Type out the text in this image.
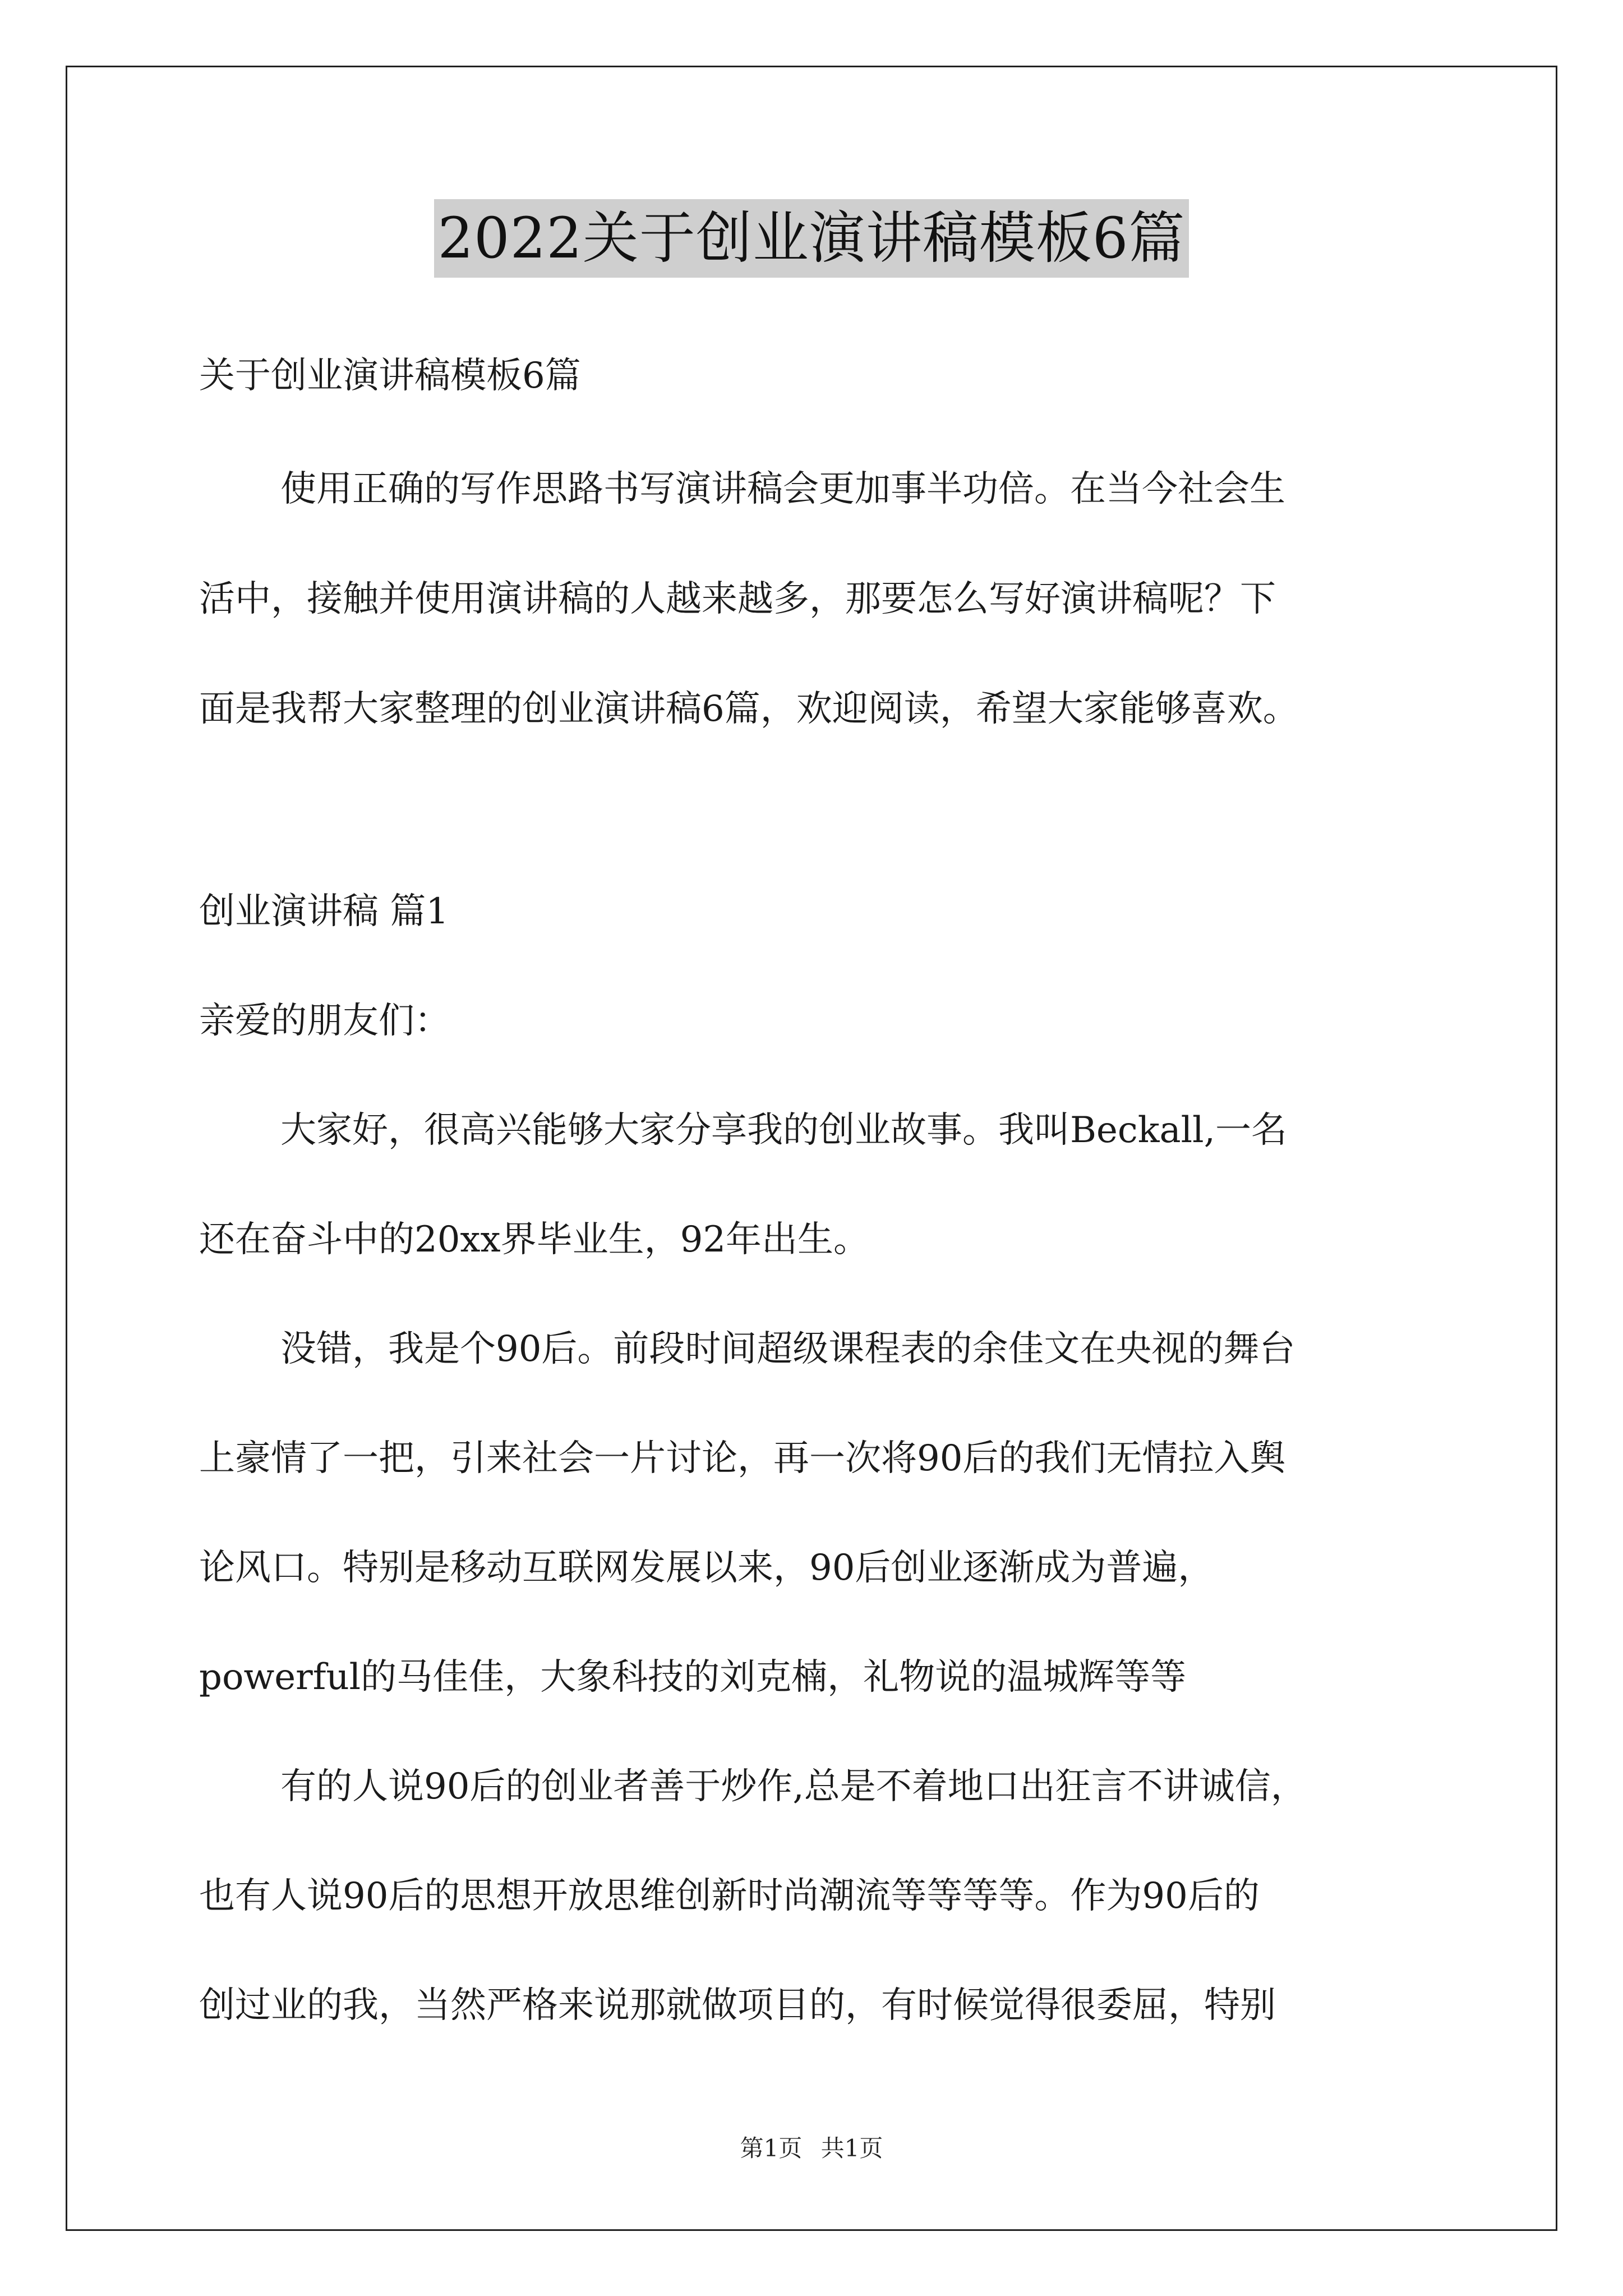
2022关于创业演讲稿模板6篇
关于创业演讲稿模板6篇
使用正确的写作思路书写演讲稿会更加事半功倍。在当今社会生
活中，接触并使用演讲稿的人越来越多，那要怎么写好演讲稿呢？下
面是我帮大家整理的创业演讲稿6篇，欢迎阅读，希望大家能够喜欢。
创业演讲稿 篇1
亲爱的朋友们：
大家好，很高兴能够大家分享我的创业故事。我叫Beckall,一名
还在奋斗中的20xx界毕业生，92年出生。
没错，我是个90后。前段时间超级课程表的余佳文在央视的舞台
上豪情了一把，引来社会一片讨论，再一次将90后的我们无情拉入舆
论风口。特别是移动互联网发展以来，90后创业逐渐成为普遍，
powerful的马佳佳，大象科技的刘克楠，礼物说的温城辉等等
有的人说90后的创业者善于炒作,总是不着地口出狂言不讲诚信，
也有人说90后的思想开放思维创新时尚潮流等等等等。作为90后的
创过业的我，当然严格来说那就做项目的，有时候觉得很委屈，特别
第1页 共1页
